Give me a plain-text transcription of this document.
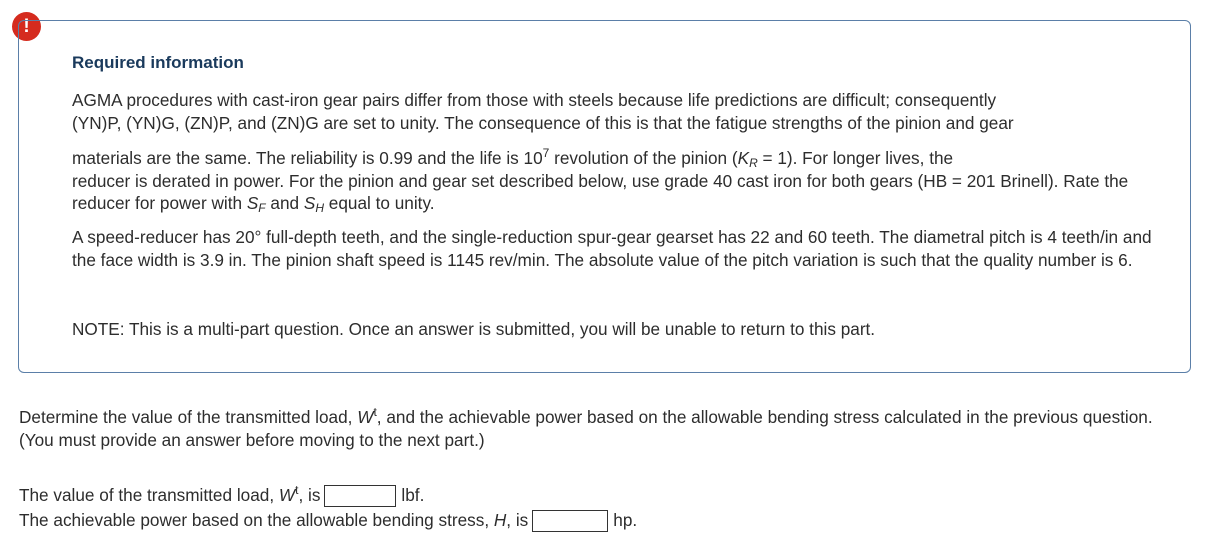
!
Required information
AGMA procedures with cast-iron gear pairs differ from those with steels because life predictions are difficult; consequently
(YN)P, (YN)G, (ZN)P, and (ZN)G are set to unity. The consequence of this is that the fatigue strengths of the pinion and gear
materials are the same. The reliability is 0.99 and the life is $10^7$ revolution of the pinion $(K_R = 1)$. For longer lives, the
reducer is derated in power. For the pinion and gear set described below, use grade 40 cast iron for both gears (HB = 201 Brinell). Rate the reducer for power with $S_F$ and $S_H$ equal to unity.
A speed-reducer has 20° full-depth teeth, and the single-reduction spur-gear gearset has 22 and 60 teeth. The diametral pitch is 4 teeth/in and the face width is 3.9 in. The pinion shaft speed is 1145 rev/min. The absolute value of the pitch variation is such that the quality number is 6.
NOTE: This is a multi-part question. Once an answer is submitted, you will be unable to return to this part.
Determine the value of the transmitted load, $W^t$, and the achievable power based on the allowable bending stress calculated in the previous question. (You must provide an answer before moving to the next part.)
The value of the transmitted load, $W^t$, is	lbf.
The achievable power based on the allowable bending stress, H, is	hp.
